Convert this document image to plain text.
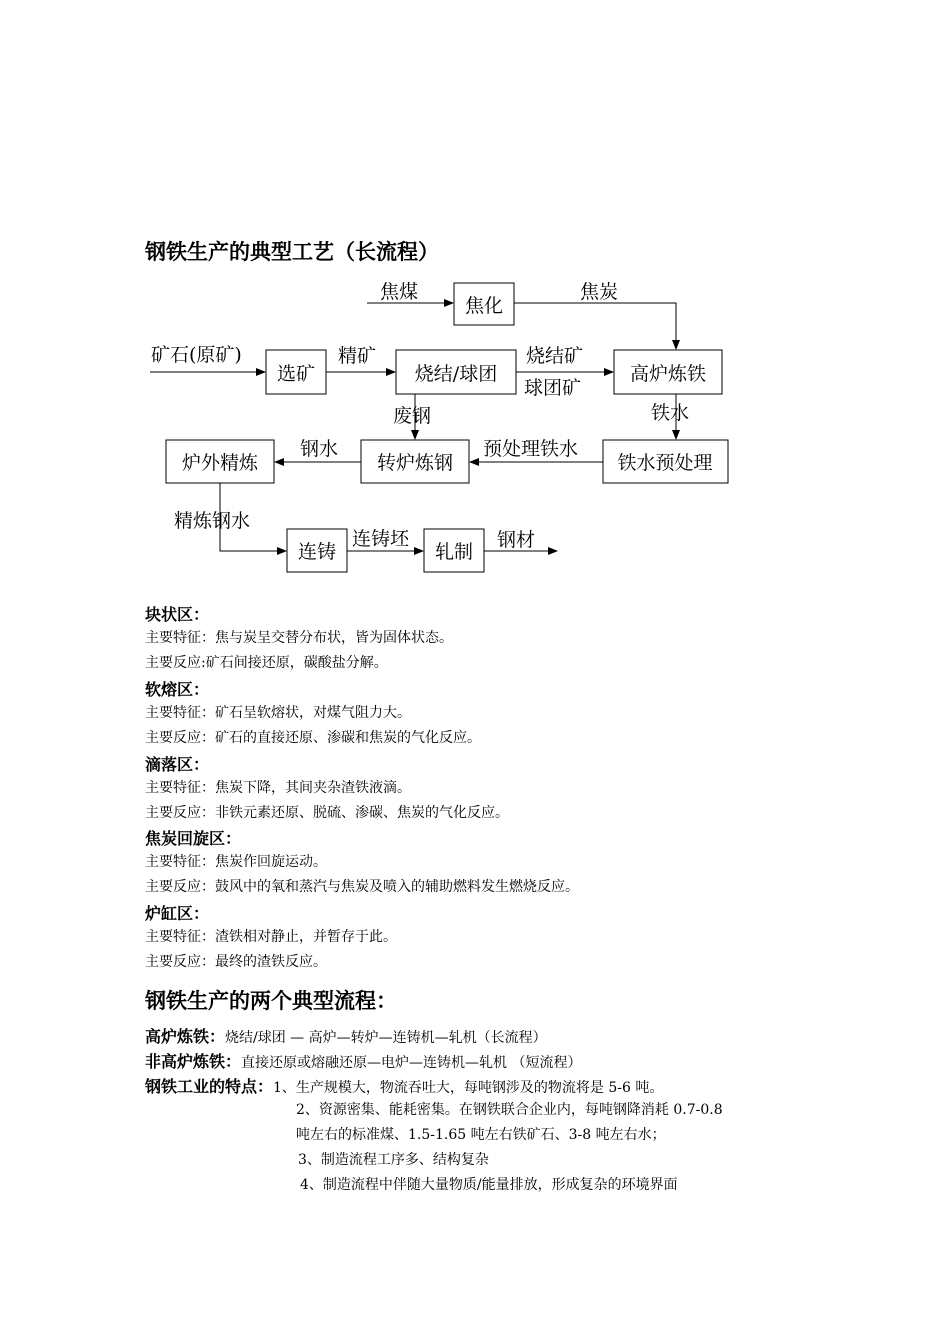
钢铁生产的典型工艺（长流程）
焦化
选矿	烧结/球团	高炉炼铁
铁水预处理
转炉炼钢
炉外精炼
连铸	轧制
焦煤	焦炭
矿石(原矿)	精矿	烧结矿
球团矿
铁水
废钢
预处理铁水
钢水
精炼钢水
连铸坯	钢材
块状区：
主要特征：焦与炭呈交替分布状，皆为固体状态。
主要反应:矿石间接还原，碳酸盐分解。
软熔区：
主要特征：矿石呈软熔状，对煤气阻力大。
主要反应：矿石的直接还原、渗碳和焦炭的气化反应。
滴落区：
主要特征：焦炭下降，其间夹杂渣铁液滴。
主要反应：非铁元素还原、脱硫、渗碳、焦炭的气化反应。
焦炭回旋区：
主要特征：焦炭作回旋运动。
主要反应：鼓风中的氧和蒸汽与焦炭及喷入的辅助燃料发生燃烧反应。
炉缸区：
主要特征：渣铁相对静止，并暂存于此。
主要反应：最终的渣铁反应。
钢铁生产的两个典型流程：
高炉炼铁：烧结/球团 — 高炉—转炉—连铸机—轧机（长流程）
非高炉炼铁：直接还原或熔融还原—电炉—连铸机—轧机 （短流程）
钢铁工业的特点：1、生产规模大，物流吞吐大，每吨钢涉及的物流将是 5-6 吨。
2、资源密集、能耗密集。在钢铁联合企业内，每吨钢降消耗 0.7-0.8
吨左右的标准煤、1.5-1.65 吨左右铁矿石、3-8 吨左右水；
3、制造流程工序多、结构复杂
4、制造流程中伴随大量物质/能量排放，形成复杂的环境界面
